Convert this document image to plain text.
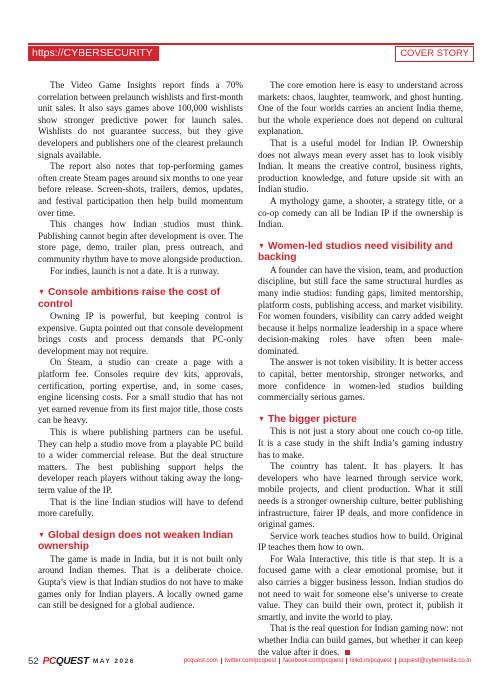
https://CYBERSECURITY	COVER STORY

The Video Game Insights report finds a 70% correlation between prelaunch wishlists and first-month unit sales. It also says games above 100,000 wishlists show stronger predictive power for launch sales. Wishlists do not guarantee success, but they give developers and publishers one of the clearest prelaunch signals available.

The report also notes that top-performing games often create Steam pages around six months to one year before release. Screen-shots, trailers, demos, updates, and festival participation then help build momentum over time.

This changes how Indian studios must think. Publishing cannot begin after development is over. The store page, demo, trailer plan, press outreach, and community rhythm have to move alongside production.

For indies, launch is not a date. It is a runway.

▼ Console ambitions raise the cost of control

Owning IP is powerful, but keeping control is expensive. Gupta pointed out that console development brings costs and process demands that PC-only development may not require.

On Steam, a studio can create a page with a platform fee. Consoles require dev kits, approvals, certification, porting expertise, and, in some cases, engine licensing costs. For a small studio that has not yet earned revenue from its first major title, those costs can be heavy.

This is where publishing partners can be useful. They can help a studio move from a playable PC build to a wider commercial release. But the deal structure matters. The best publishing support helps the developer reach players without taking away the long-term value of the IP.

That is the line Indian studios will have to defend more carefully.

▼ Global design does not weaken Indian ownership

The game is made in India, but it is not built only around Indian themes. That is a deliberate choice. Gupta’s view is that Indian studios do not have to make games only for Indian players. A locally owned game can still be designed for a global audience.

The core emotion here is easy to understand across markets: chaos, laughter, teamwork, and ghost hunting. One of the four worlds carries an ancient India theme, but the whole experience does not depend on cultural explanation.

That is a useful model for Indian IP. Ownership does not always mean every asset has to look visibly Indian. It means the creative control, business rights, production knowledge, and future upside sit with an Indian studio.

A mythology game, a shooter, a strategy title, or a co-op comedy can all be Indian IP if the ownership is Indian.

▼ Women-led studios need visibility and backing

A founder can have the vision, team, and production discipline, but still face the same structural hurdles as many indie studios: funding gaps, limited mentorship, platform costs, publishing access, and market visibility. For women founders, visibility can carry added weight because it helps normalize leadership in a space where decision-making roles have often been male-dominated.

The answer is not token visibility. It is better access to capital, better mentorship, stronger networks, and more confidence in women-led studios building commercially serious games.

▼ The bigger picture

This is not just a story about one couch co-op title. It is a case study in the shift India’s gaming industry has to make.

The country has talent. It has players. It has developers who have learned through service work, mobile projects, and client production. What it still needs is a stronger ownership culture, better publishing infrastructure, fairer IP deals, and more confidence in original games.

Service work teaches studios how to build. Original IP teaches them how to own.

For Wala Interactive, this title is that step. It is a focused game with a clear emotional promise, but it also carries a bigger business lesson. Indian studios do not need to wait for someone else’s universe to create value. They can build their own, protect it, publish it smartly, and invite the world to play.

That is the real question for Indian gaming now: not whether India can build games, but whether it can keep the value after it does.

52 PCQUEST MAY 2026	pcquest.com	twitter.com/pcquest	facebook.com/pcquest	linkd.in/pcquest	pcquest@cybermedia.co.in
